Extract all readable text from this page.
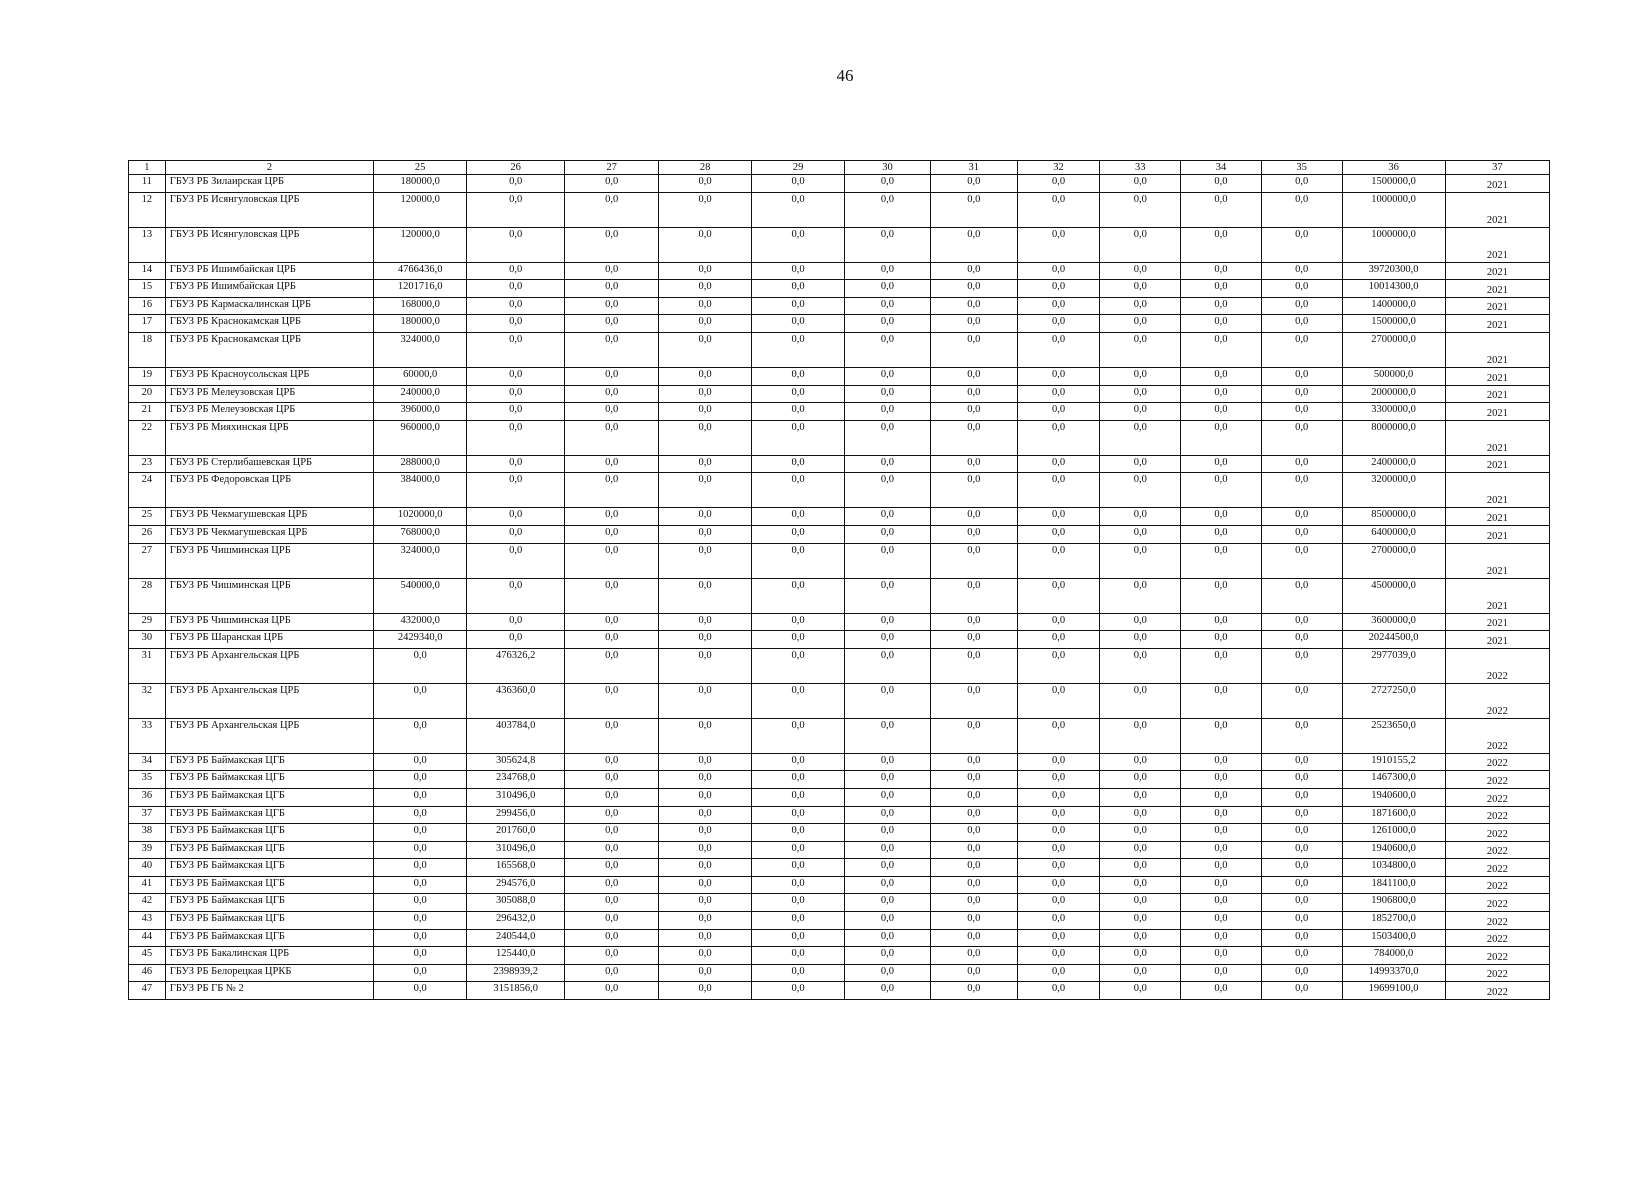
46
1	2	25	26	27	28	29	30	31	32	33	34	35	36	37
11	ГБУЗ РБ Зилаирская ЦРБ	180000,0	0,0	0,0	0,0	0,0	0,0	0,0	0,0	0,0	0,0	0,0	1500000,0	2021
12	ГБУЗ РБ Исянгуловская ЦРБ	120000,0	0,0	0,0	0,0	0,0	0,0	0,0	0,0	0,0	0,0	0,0	1000000,0	2021
13	ГБУЗ РБ Исянгуловская ЦРБ	120000,0	0,0	0,0	0,0	0,0	0,0	0,0	0,0	0,0	0,0	0,0	1000000,0	2021
14	ГБУЗ РБ Ишимбайская ЦРБ	4766436,0	0,0	0,0	0,0	0,0	0,0	0,0	0,0	0,0	0,0	0,0	39720300,0	2021
15	ГБУЗ РБ Ишимбайская ЦРБ	1201716,0	0,0	0,0	0,0	0,0	0,0	0,0	0,0	0,0	0,0	0,0	10014300,0	2021
16	ГБУЗ РБ Кармаскалинская ЦРБ	168000,0	0,0	0,0	0,0	0,0	0,0	0,0	0,0	0,0	0,0	0,0	1400000,0	2021
17	ГБУЗ РБ Краснокамская ЦРБ	180000,0	0,0	0,0	0,0	0,0	0,0	0,0	0,0	0,0	0,0	0,0	1500000,0	2021
18	ГБУЗ РБ Краснокамская ЦРБ	324000,0	0,0	0,0	0,0	0,0	0,0	0,0	0,0	0,0	0,0	0,0	2700000,0	2021
19	ГБУЗ РБ Красноусольская ЦРБ	60000,0	0,0	0,0	0,0	0,0	0,0	0,0	0,0	0,0	0,0	0,0	500000,0	2021
20	ГБУЗ РБ Мелеузовская ЦРБ	240000,0	0,0	0,0	0,0	0,0	0,0	0,0	0,0	0,0	0,0	0,0	2000000,0	2021
21	ГБУЗ РБ Мелеузовская ЦРБ	396000,0	0,0	0,0	0,0	0,0	0,0	0,0	0,0	0,0	0,0	0,0	3300000,0	2021
22	ГБУЗ РБ Мияхинская ЦРБ	960000,0	0,0	0,0	0,0	0,0	0,0	0,0	0,0	0,0	0,0	0,0	8000000,0	2021
23	ГБУЗ РБ Стерлибашевская ЦРБ	288000,0	0,0	0,0	0,0	0,0	0,0	0,0	0,0	0,0	0,0	0,0	2400000,0	2021
24	ГБУЗ РБ Федоровская ЦРБ	384000,0	0,0	0,0	0,0	0,0	0,0	0,0	0,0	0,0	0,0	0,0	3200000,0	2021
25	ГБУЗ РБ Чекмагушевская ЦРБ	1020000,0	0,0	0,0	0,0	0,0	0,0	0,0	0,0	0,0	0,0	0,0	8500000,0	2021
26	ГБУЗ РБ Чекмагушевская ЦРБ	768000,0	0,0	0,0	0,0	0,0	0,0	0,0	0,0	0,0	0,0	0,0	6400000,0	2021
27	ГБУЗ РБ Чишминская ЦРБ	324000,0	0,0	0,0	0,0	0,0	0,0	0,0	0,0	0,0	0,0	0,0	2700000,0	2021
28	ГБУЗ РБ Чишминская ЦРБ	540000,0	0,0	0,0	0,0	0,0	0,0	0,0	0,0	0,0	0,0	0,0	4500000,0	2021
29	ГБУЗ РБ Чишминская ЦРБ	432000,0	0,0	0,0	0,0	0,0	0,0	0,0	0,0	0,0	0,0	0,0	3600000,0	2021
30	ГБУЗ РБ Шаранская ЦРБ	2429340,0	0,0	0,0	0,0	0,0	0,0	0,0	0,0	0,0	0,0	0,0	20244500,0	2021
31	ГБУЗ РБ Архангельская ЦРБ	0,0	476326,2	0,0	0,0	0,0	0,0	0,0	0,0	0,0	0,0	0,0	2977039,0	2022
32	ГБУЗ РБ Архангельская ЦРБ	0,0	436360,0	0,0	0,0	0,0	0,0	0,0	0,0	0,0	0,0	0,0	2727250,0	2022
33	ГБУЗ РБ Архангельская ЦРБ	0,0	403784,0	0,0	0,0	0,0	0,0	0,0	0,0	0,0	0,0	0,0	2523650,0	2022
34	ГБУЗ РБ Баймакская ЦГБ	0,0	305624,8	0,0	0,0	0,0	0,0	0,0	0,0	0,0	0,0	0,0	1910155,2	2022
35	ГБУЗ РБ Баймакская ЦГБ	0,0	234768,0	0,0	0,0	0,0	0,0	0,0	0,0	0,0	0,0	0,0	1467300,0	2022
36	ГБУЗ РБ Баймакская ЦГБ	0,0	310496,0	0,0	0,0	0,0	0,0	0,0	0,0	0,0	0,0	0,0	1940600,0	2022
37	ГБУЗ РБ Баймакская ЦГБ	0,0	299456,0	0,0	0,0	0,0	0,0	0,0	0,0	0,0	0,0	0,0	1871600,0	2022
38	ГБУЗ РБ Баймакская ЦГБ	0,0	201760,0	0,0	0,0	0,0	0,0	0,0	0,0	0,0	0,0	0,0	1261000,0	2022
39	ГБУЗ РБ Баймакская ЦГБ	0,0	310496,0	0,0	0,0	0,0	0,0	0,0	0,0	0,0	0,0	0,0	1940600,0	2022
40	ГБУЗ РБ Баймакская ЦГБ	0,0	165568,0	0,0	0,0	0,0	0,0	0,0	0,0	0,0	0,0	0,0	1034800,0	2022
41	ГБУЗ РБ Баймакская ЦГБ	0,0	294576,0	0,0	0,0	0,0	0,0	0,0	0,0	0,0	0,0	0,0	1841100,0	2022
42	ГБУЗ РБ Баймакская ЦГБ	0,0	305088,0	0,0	0,0	0,0	0,0	0,0	0,0	0,0	0,0	0,0	1906800,0	2022
43	ГБУЗ РБ Баймакская ЦГБ	0,0	296432,0	0,0	0,0	0,0	0,0	0,0	0,0	0,0	0,0	0,0	1852700,0	2022
44	ГБУЗ РБ Баймакская ЦГБ	0,0	240544,0	0,0	0,0	0,0	0,0	0,0	0,0	0,0	0,0	0,0	1503400,0	2022
45	ГБУЗ РБ Бакалинская ЦРБ	0,0	125440,0	0,0	0,0	0,0	0,0	0,0	0,0	0,0	0,0	0,0	784000,0	2022
46	ГБУЗ РБ Белорецкая ЦРКБ	0,0	2398939,2	0,0	0,0	0,0	0,0	0,0	0,0	0,0	0,0	0,0	14993370,0	2022
47	ГБУЗ РБ ГБ № 2	0,0	3151856,0	0,0	0,0	0,0	0,0	0,0	0,0	0,0	0,0	0,0	19699100,0	2022
